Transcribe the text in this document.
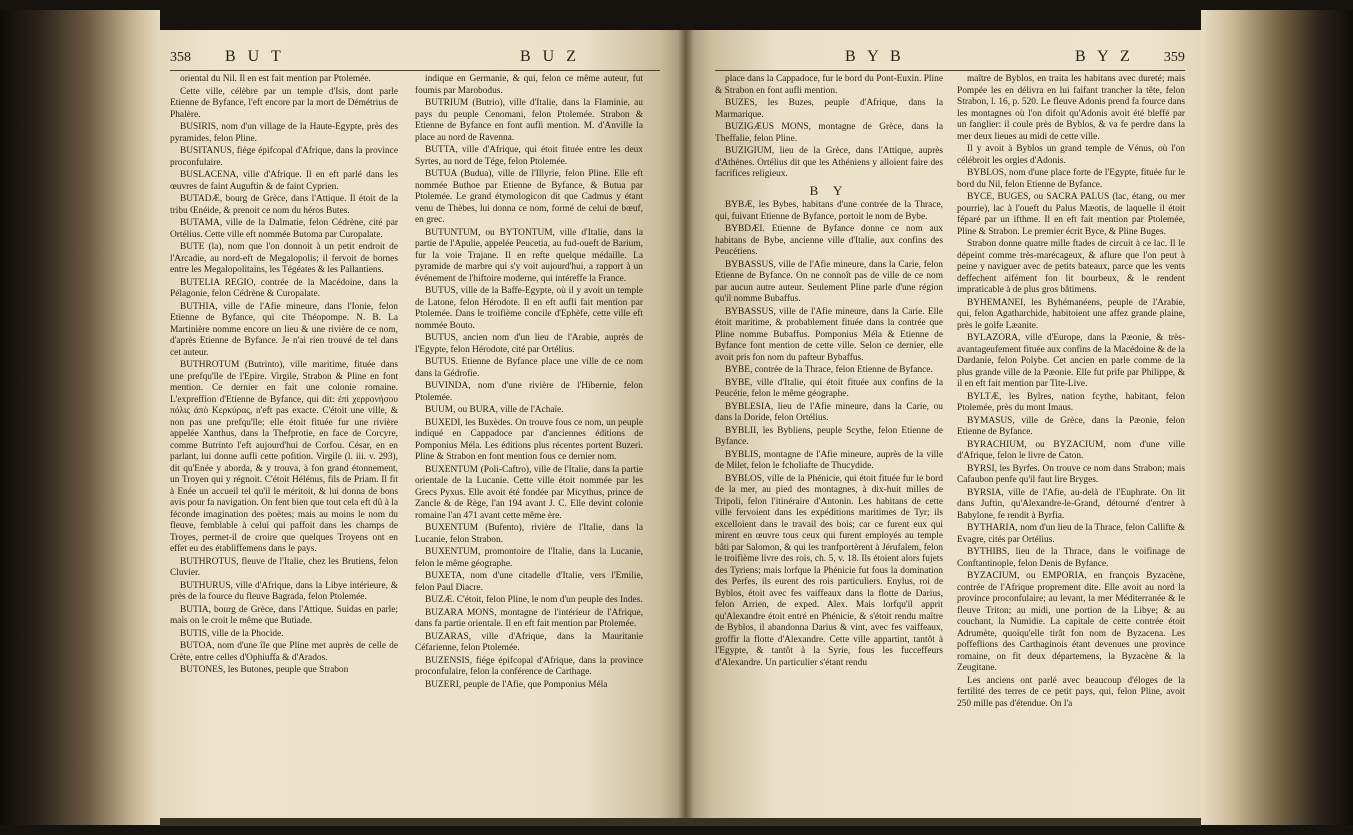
358 B U T	B U Z

oriental du Nil. Il en est fait mention par Ptolemée.

Cette ville, célèbre par un temple d'Isis, dont parle Etienne de Byfance, l'eft encore par la mort de Démétrius de Phalère.

BUSIRIS, nom d'un village de la Haute-Egypte, près des pyramides, felon Pline.

BUSITANUS, fiége épifcopal d'Afrique, dans la province proconfulaire.

BUSLACENA, ville d'Afrique. Il en eft parlé dans les œuvres de faint Auguftin & de faint Cyprien.

BUTADÆ, bourg de Grèce, dans l'Attique. Il étoit de la tribu Œnéide, & prenoit ce nom du héros Butes.

BUTAMA, ville de la Dalmatie, felon Cédrène, cité par Ortélius. Cette ville eft nommée Butoma par Curopalate.

BUTE (la), nom que l'on donnoit à un petit endroit de l'Arcadie, au nord-eft de Megalopolis; il fervoit de bornes entre les Megalopolitains, les Tégéates & les Pallantiens.

BUTELIA REGIO, contrée de la Macédoine, dans la Pélagonie, felon Cédrène & Curopalate.

BUTHIA, ville de l'Afie mineure, dans l'Ionie, felon Etienne de Byfance, qui cite Théopompe. N. B. La Martinière nomme encore un lieu & une rivière de ce nom, d'après Etienne de Byfance. Je n'ai rien trouvé de tel dans cet auteur.

BUTHROTUM (Butrinto), ville maritime, fituée dans une prefqu'île de l'Epire. Virgile, Strabon & Pline en font mention. Ce dernier en fait une colonie romaine. L'expreffion d'Etienne de Byfance, qui dit: ἐπὶ χερρονήσου πόλις ἀπὸ Κερκύρας, n'eft pas exacte. C'étoit une ville, & non pas une prefqu'île; elle étoit fituée fur une rivière appelée Xanthus, dans la Thefprotie, en face de Corcyre, comme Butrinto l'eft aujourd'hui de Corfou. César, en en parlant, lui donne aufli cette pofition. Virgile (l. iii. v. 293), dit qu'Enée y aborda, & y trouva, à fon grand étonnement, un Troyen qui y régnoit. C'étoit Hélénus, fils de Priam. Il fit à Enée un accueil tel qu'il le méritoit, & lui donna de bons avis pour fa navigation. On fent bien que tout cela eft dû à la féconde imagination des poëtes; mais au moins le nom du fleuve, femblable à celui qui paffoit dans les champs de Troyes, permet-il de croire que quelques Troyens ont en effet eu des établiffemens dans le pays.

BUTHROTUS, fleuve de l'Italie, chez les Brutiens, felon Cluvier.

BUTHURUS, ville d'Afrique, dans la Libye intérieure, & près de la fource du fleuve Bagrada, felon Ptolemée.

BUTIA, bourg de Grèce, dans l'Attique. Suidas en parle; mais on le croit le même que Butiade.

BUTIS, ville de la Phocide.

BUTOA, nom d'une île que Pline met auprès de celle de Crète, entre celles d'Ophiuffa & d'Arados.

BUTONES, les Butones, peuple que Strabon

indique en Germanie, & qui, felon ce même auteur, fut foumis par Marobodus.

BUTRIUM (Butrio), ville d'Italie, dans la Flaminie, au pays du peuple Cenomani, felon Ptolemée. Strabon & Etienne de Byfance en font aufli mention. M. d'Anville la place au nord de Ravenna.

BUTTA, ville d'Afrique, qui étoit fituée entre les deux Syrtes, au nord de Tége, felon Ptolemée.

BUTUA (Budua), ville de l'Illyrie, felon Pline. Elle eft nommée Buthoe par Etienne de Byfance, & Butua par Ptolemée. Le grand étymologicon dit que Cadmus y étant venu de Thèbes, lui donna ce nom, formé de celui de bœuf, en grec.

BUTUNTUM, ou BYTONTUM, ville d'Italie, dans la partie de l'Apulie, appelée Peucetia, au fud-oueft de Barium, fur la voie Trajane. Il en refte quelque médaille. La pyramide de marbre qui s'y voit aujourd'hui, a rapport à un événement de l'hiftoire moderne, qui intéreffe la France.

BUTUS, ville de la Baffe-Egypte, où il y avoit un temple de Latone, felon Hérodote. Il en eft aufli fait mention par Ptolemée. Dans le troifième concile d'Ephèfe, cette ville eft nommée Bouto.

BUTUS, ancien nom d'un lieu de l'Arabie, auprès de l'Egypte, felon Hérodote, cité par Ortélius.

BUTUS. Etienne de Byfance place une ville de ce nom dans la Gédrofie.

BUVINDA, nom d'une rivière de l'Hibernie, felon Ptolemée.

BUUM, ou BURA, ville de l'Achaïe.

BUXEDI, les Buxèdes. On trouve fous ce nom, un peuple indiqué en Cappadoce par d'anciennes éditions de Pomponius Méla. Les éditions plus récentes portent Buzeri. Pline & Strabon en font mention fous ce dernier nom.

BUXENTUM (Poli-Caftro), ville de l'Italie, dans la partie orientale de la Lucanie. Cette ville étoit nommée par les Grecs Pyxus. Elle avoit été fondée par Micythus, prince de Zancle & de Rège, l'an 194 avant J. C. Elle devint colonie romaine l'an 471 avant cette même ère.

BUXENTUM (Bufento), rivière de l'Italie, dans la Lucanie, felon Strabon.

BUXENTUM, promontoire de l'Italie, dans la Lucanie, felon le même géographe.

BUXETA, nom d'une citadelle d'Italie, vers l'Emilie, felon Paul Diacre.

BUZÆ. C'étoit, felon Pline, le nom d'un peuple des Indes.

BUZARA MONS, montagne de l'intérieur de l'Afrique, dans fa partie orientale. Il en eft fait mention par Ptolemée.

BUZARAS, ville d'Afrique, dans la Mauritanie Céfarienne, felon Ptolemée.

BUZENSIS, fiége épifcopal d'Afrique, dans la province proconfulaire, felon la conférence de Carthage.

BUZERI, peuple de l'Afie, que Pomponius Méla

B Y B	B Y Z 359

place dans la Cappadoce, fur le bord du Pont-Euxin. Pline & Strabon en font aufli mention.

BUZES, les Buzes, peuple d'Afrique, dans la Marmarique.

BUZIGÆUS MONS, montagne de Grèce, dans la Theffalie, felon Pline.

BUZIGIUM, lieu de la Grèce, dans l'Attique, auprès d'Athènes. Ortélius dit que les Athéniens y alloient faire des facrifices religieux.

B Y

BYBÆ, les Bybes, habitans d'une contrée de la Thrace, qui, fuivant Etienne de Byfance, portoit le nom de Bybe.

BYBDÆI. Etienne de Byfance donne ce nom aux habitans de Bybe, ancienne ville d'Italie, aux confins des Peucétiens.

BYBASSUS, ville de l'Afie mineure, dans la Carie, felon Etienne de Byfance. On ne connoît pas de ville de ce nom par aucun autre auteur. Seulement Pline parle d'une région qu'il nomme Bubaffus.

BYBASSUS, ville de l'Afie mineure, dans la Carie. Elle étoit maritime, & probablement fituée dans la contrée que Pline nomme Bubaffus. Pomponius Méla & Etienne de Byfance font mention de cette ville. Selon ce dernier, elle avoit pris fon nom du pafteur Bybaffus.

BYBE, contrée de la Thrace, felon Etienne de Byfance.

BYBE, ville d'Italie, qui étoit fituée aux confins de la Peucétie, felon le même géographe.

BYBLESIA, lieu de l'Afie mineure, dans la Carie, ou dans la Doride, felon Ortélius.

BYBLII, les Bybliens, peuple Scythe, felon Etienne de Byfance.

BYBLIS, montagne de l'Afie mineure, auprès de la ville de Milet, felon le fcholiafte de Thucydide.

BYBLOS, ville de la Phénicie, qui étoit fituée fur le bord de la mer, au pied des montagnes, à dix-huit milles de Tripoli, felon l'itinéraire d'Antonin. Les habitans de cette ville fervoient dans les expéditions maritimes de Tyr; ils excelloient dans le travail des bois; car ce furent eux qui mirent en œuvre tous ceux qui furent employés au temple bâti par Salomon, & qui les tranfportèrent à Jérufalem, felon le troifième livre des rois, ch. 5, v. 18. Ils étoient alors fujets des Tyriens; mais lorfque la Phénicie fut fous la domination des Perfes, ils eurent des rois particuliers. Enylus, roi de Byblos, étoit avec fes vaiffeaux dans la flotte de Darius, felon Arrien, de exped. Alex. Mais lorfqu'il apprit qu'Alexandre étoit entré en Phénicie, & s'étoit rendu maître de Byblos, il abandonna Darius & vint, avec fes vaiffeaux, groffir la flotte d'Alexandre. Cette ville appartint, tantôt à l'Egypte, & tantôt à la Syrie, fous les fucceffeurs d'Alexandre. Un particulier s'étant rendu

maître de Byblos, en traita les habitans avec dureté; mais Pompée les en délivra en lui faifant trancher la tête, felon Strabon, l. 16, p. 520. Le fleuve Adonis prend fa fource dans les montagnes où l'on difoit qu'Adonis avoit été bleffé par un fanglier: il coule près de Byblos, & va fe perdre dans la mer deux lieues au midi de cette ville.

Il y avoit à Byblos un grand temple de Vénus, où l'on célébroit les orgies d'Adonis.

BYBLOS, nom d'une place forte de l'Egypte, fituée fur le bord du Nil, felon Etienne de Byfance.

BYCE, BUGES, ou SACRA PALUS (lac, étang, ou mer pourrie), lac à l'oueft du Palus Mæotis, de laquelle il étoit féparé par un ifthme. Il en eft fait mention par Ptolemée, Pline & Strabon. Le premier écrit Byce, & Pline Buges.

Strabon donne quatre mille ftades de circuit à ce lac. Il le dépeint comme très-marécageux, & aflure que l'on peut à peine y naviguer avec de petits bateaux, parce que les vents deffechent aifément fon lit bourbeux, & le rendent impraticable à de plus gros bâtimens.

BYHEMANEI, les Byhémanéens, peuple de l'Arabie, qui, felon Agatharchide, habitoient une affez grande plaine, près le golfe Læanite.

BYLAZORA, ville d'Europe, dans la Pæonie, & très-avantageufement fituée aux confins de la Macédoine & de la Dardanie, felon Polybe. Cet ancien en parle comme de la plus grande ville de la Pæonie. Elle fut prife par Philippe, & il en eft fait mention par Tite-Live.

BYLTÆ, les Bylres, nation fcythe, habitant, felon Ptolemée, près du mont Imaus.

BYMASUS, ville de Grèce, dans la Pæonie, felon Etienne de Byfance.

BYRACHIUM, ou BYZACIUM, nom d'une ville d'Afrique, felon le livre de Caton.

BYRSI, les Byrfes. On trouve ce nom dans Strabon; mais Cafaubon penfe qu'il faut lire Bryges.

BYRSIA, ville de l'Afie, au-delà de l'Euphrate. On lit dans Juftin, qu'Alexandre-le-Grand, détourné d'entrer à Babylone, fe rendit à Byrfia.

BYTHARIA, nom d'un lieu de la Thrace, felon Callifte & Evagre, cités par Ortélius.

BYTHIBS, lieu de la Thrace, dans le voifinage de Conftantinople, felon Denis de Byfance.

BYZACIUM, ou EMPORIA, en françois Byzacène, contrée de l'Afrique proprement dite. Elle avoit au nord la province proconfulaire; au levant, la mer Méditerranée & le fleuve Triton; au midi, une portion de la Libye; & au couchant, la Numidie. La capitale de cette contrée étoit Adrumète, quoiqu'elle tirât fon nom de Byzacena. Les poffeflions des Carthaginois étant devenues une province romaine, on fit deux départemens, la Byzacène & la Zeugitane.

Les anciens ont parlé avec beaucoup d'éloges de la fertilité des terres de ce petit pays, qui, felon Pline, avoit 250 mille pas d'étendue. On l'a
